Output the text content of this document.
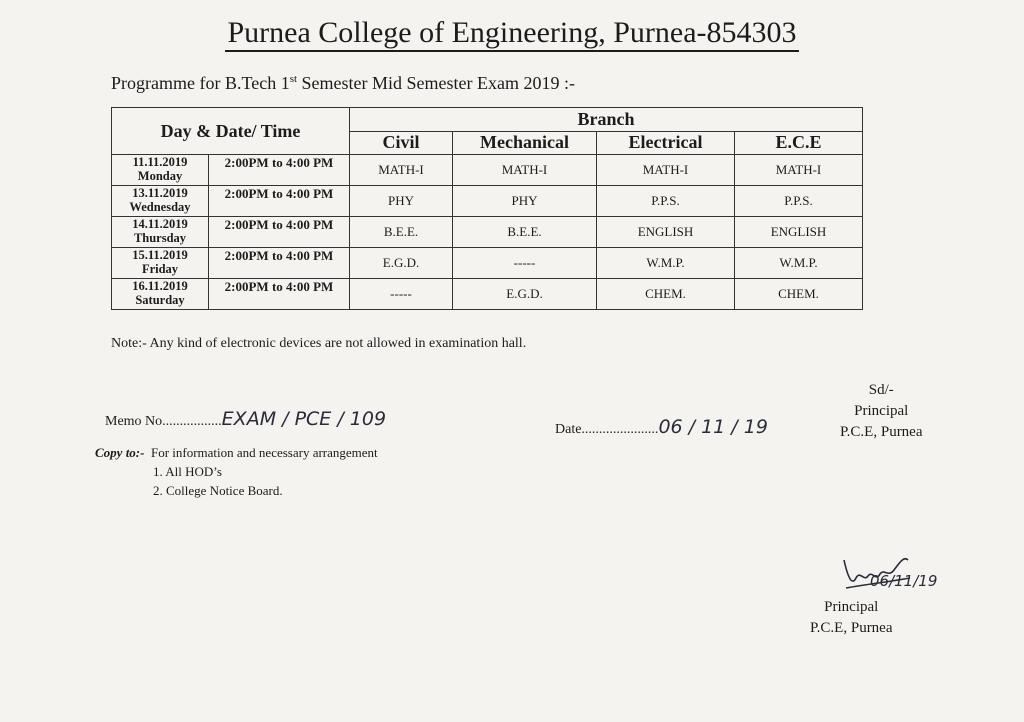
Purnea College of Engineering, Purnea-854303
Programme for B.Tech 1st Semester Mid Semester Exam 2019 :-
Day & Date/ Time		Branch			
		Civil	Mechanical	Electrical	E.C.E

11.11.2019
Monday	2:00PM to 4:00 PM	MATH-I	MATH-I	MATH-I	MATH-I

13.11.2019
Wednesday	2:00PM to 4:00 PM	PHY	PHY	P.P.S.	P.P.S.

14.11.2019
Thursday	2:00PM to 4:00 PM	B.E.E.	B.E.E.	ENGLISH	ENGLISH

15.11.2019
Friday	2:00PM to 4:00 PM	E.G.D.	-----	W.M.P.	W.M.P.

16.11.2019
Saturday	2:00PM to 4:00 PM	-----	E.G.D.	CHEM.	CHEM.
Note:- Any kind of electronic devices are not allowed in examination hall.
Sd/-
Principal
P.C.E, Purnea
Memo No.................EXAM / PCE / 109	Date......................06 / 11 / 19
Copy to:- For information and necessary arrangement
1. All HOD’s
2. College Notice Board.
06/11/19
Principal
P.C.E, Purnea
